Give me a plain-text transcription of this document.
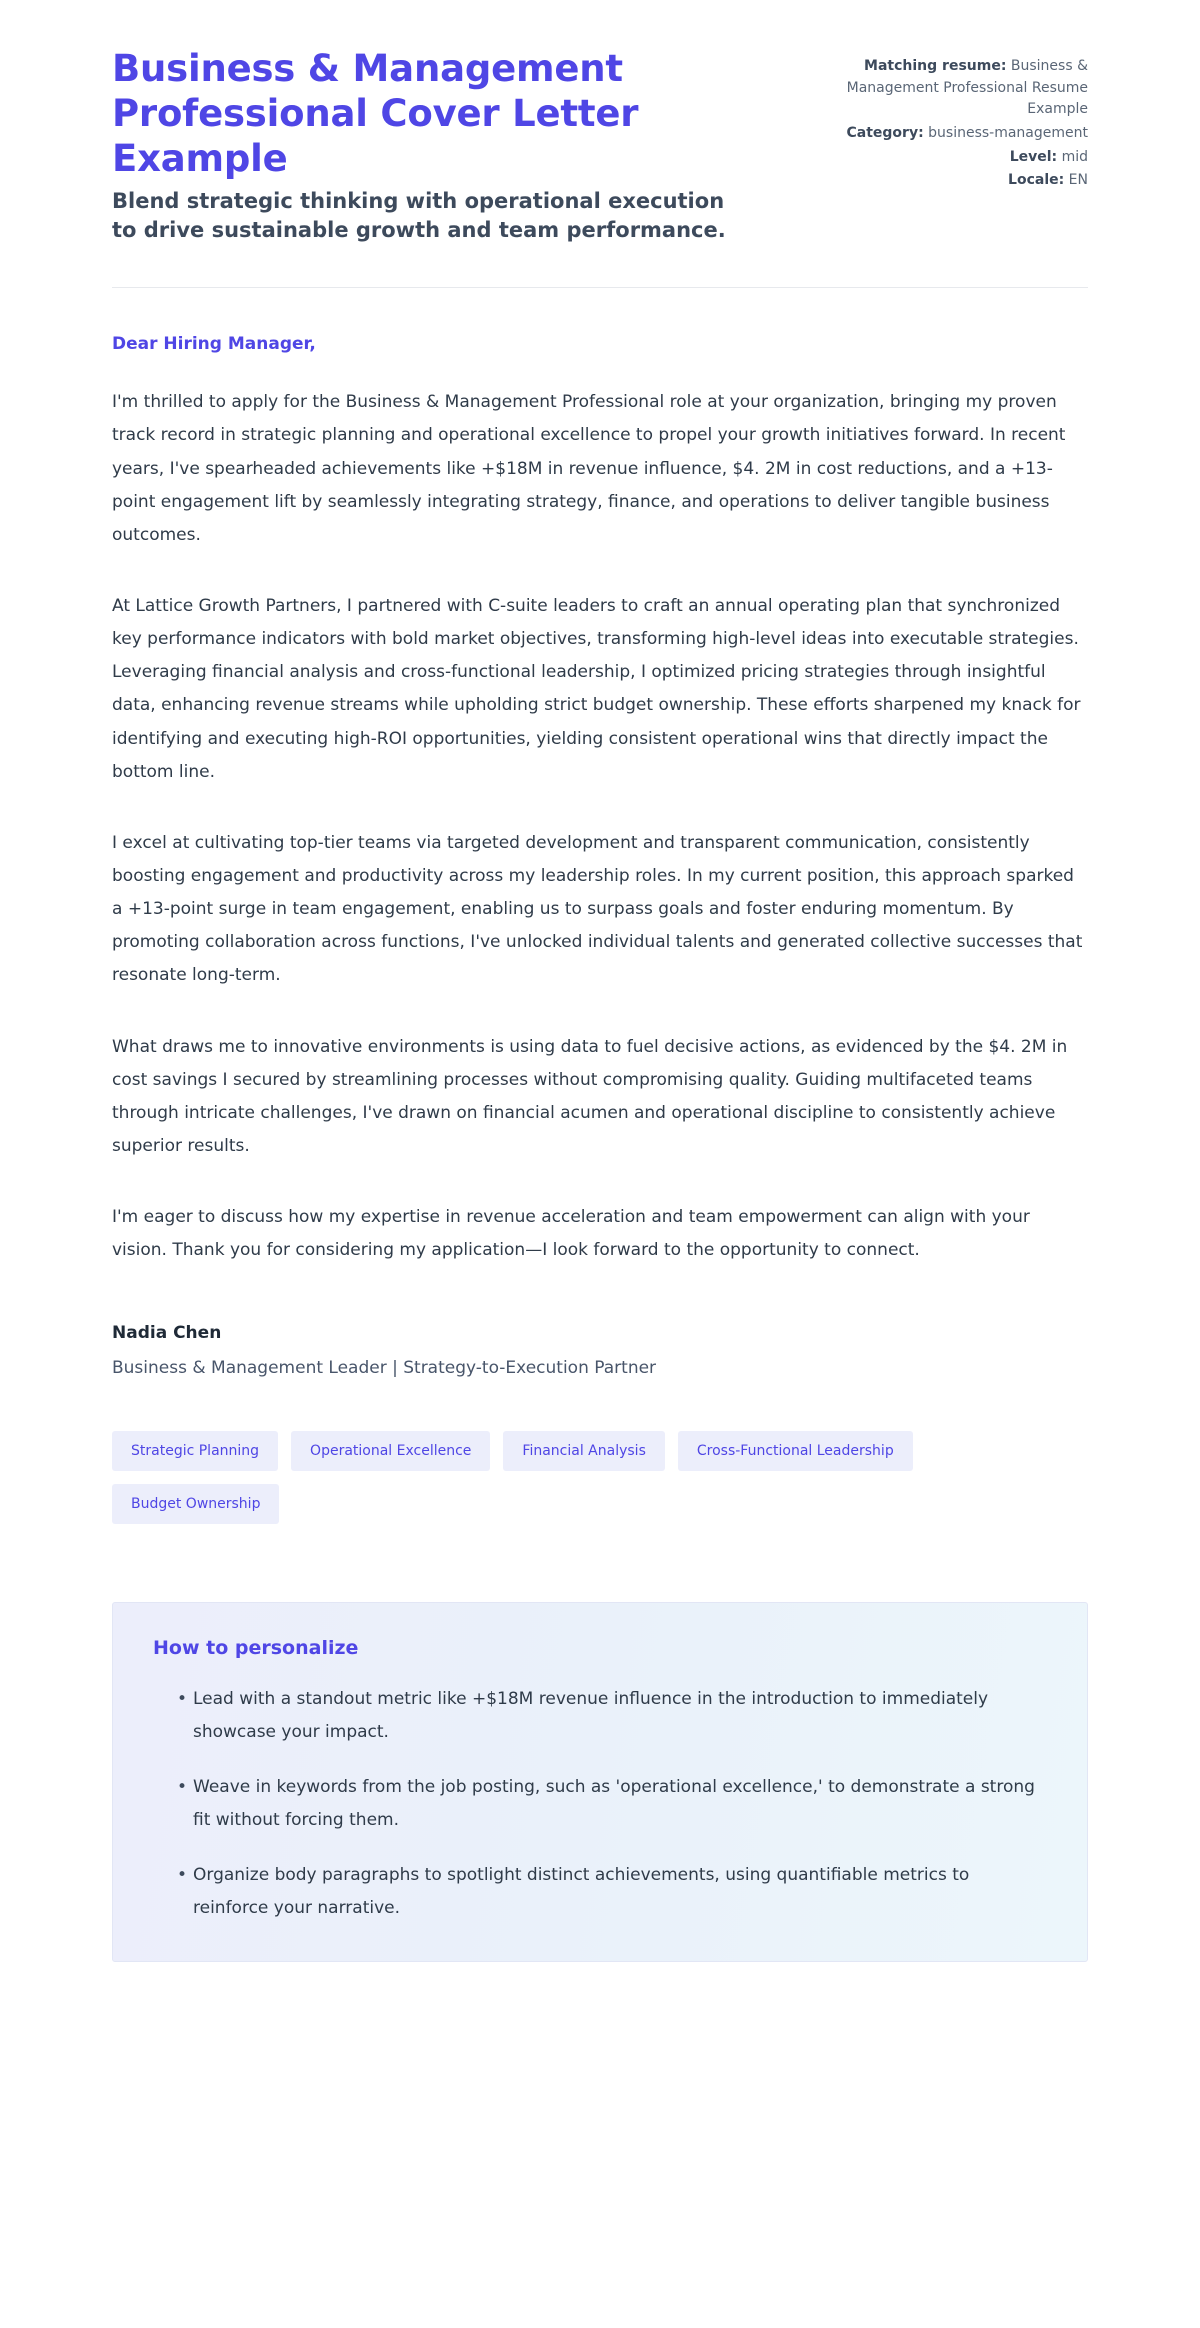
Business & Management Professional Cover Letter Example

Blend strategic thinking with operational execution to drive sustainable growth and team performance.

Matching resume: Business & Management Professional Resume Example
Category: business-management
Level: mid
Locale: EN

Dear Hiring Manager,

I'm thrilled to apply for the Business & Management Professional role at your organization, bringing my proven track record in strategic planning and operational excellence to propel your growth initiatives forward. In recent years, I've spearheaded achievements like +$18M in revenue influence, $4. 2M in cost reductions, and a +13-point engagement lift by seamlessly integrating strategy, finance, and operations to deliver tangible business outcomes.

At Lattice Growth Partners, I partnered with C-suite leaders to craft an annual operating plan that synchronized key performance indicators with bold market objectives, transforming high-level ideas into executable strategies. Leveraging financial analysis and cross-functional leadership, I optimized pricing strategies through insightful data, enhancing revenue streams while upholding strict budget ownership. These efforts sharpened my knack for identifying and executing high-ROI opportunities, yielding consistent operational wins that directly impact the bottom line.

I excel at cultivating top-tier teams via targeted development and transparent communication, consistently boosting engagement and productivity across my leadership roles. In my current position, this approach sparked a +13-point surge in team engagement, enabling us to surpass goals and foster enduring momentum. By promoting collaboration across functions, I've unlocked individual talents and generated collective successes that resonate long-term.

What draws me to innovative environments is using data to fuel decisive actions, as evidenced by the $4. 2M in cost savings I secured by streamlining processes without compromising quality. Guiding multifaceted teams through intricate challenges, I've drawn on financial acumen and operational discipline to consistently achieve superior results.

I'm eager to discuss how my expertise in revenue acceleration and team empowerment can align with your vision. Thank you for considering my application—I look forward to the opportunity to connect.

Nadia Chen

Business & Management Leader | Strategy-to-Execution Partner

Strategic Planning	Operational Excellence	Financial Analysis	Cross-Functional Leadership
Budget Ownership
How to personalize
• Lead with a standout metric like +$18M revenue influence in the introduction to immediately showcase your impact.
• Weave in keywords from the job posting, such as 'operational excellence,' to demonstrate a strong fit without forcing them.
• Organize body paragraphs to spotlight distinct achievements, using quantifiable metrics to reinforce your narrative.
